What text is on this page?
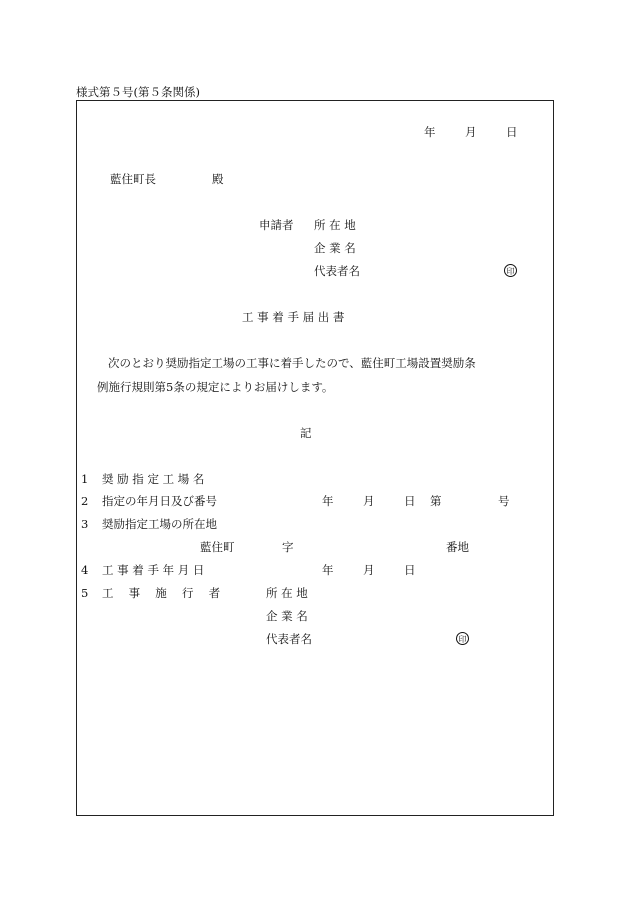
様式第５号(第５条関係)
年	月	日
藍住町長	殿
申請者 所 在 地
企 業 名
代表者名	印
工 事 着 手 届 出 書
次のとおり奨励指定工場の工事に着手したので、藍住町工場設置奨励条
例施行規則第5条の規定によりお届けします。
記
1 奨 励 指 定 工 場 名
2 指定の年月日及び番号	年	月	日 第	号
3 奨励指定工場の所在地
藍住町	字	番地
4 工 事 着 手 年 月 日	年	月	日
5 工　 事　 施　 行　 者	所 在 地
企 業 名
代表者名	印
